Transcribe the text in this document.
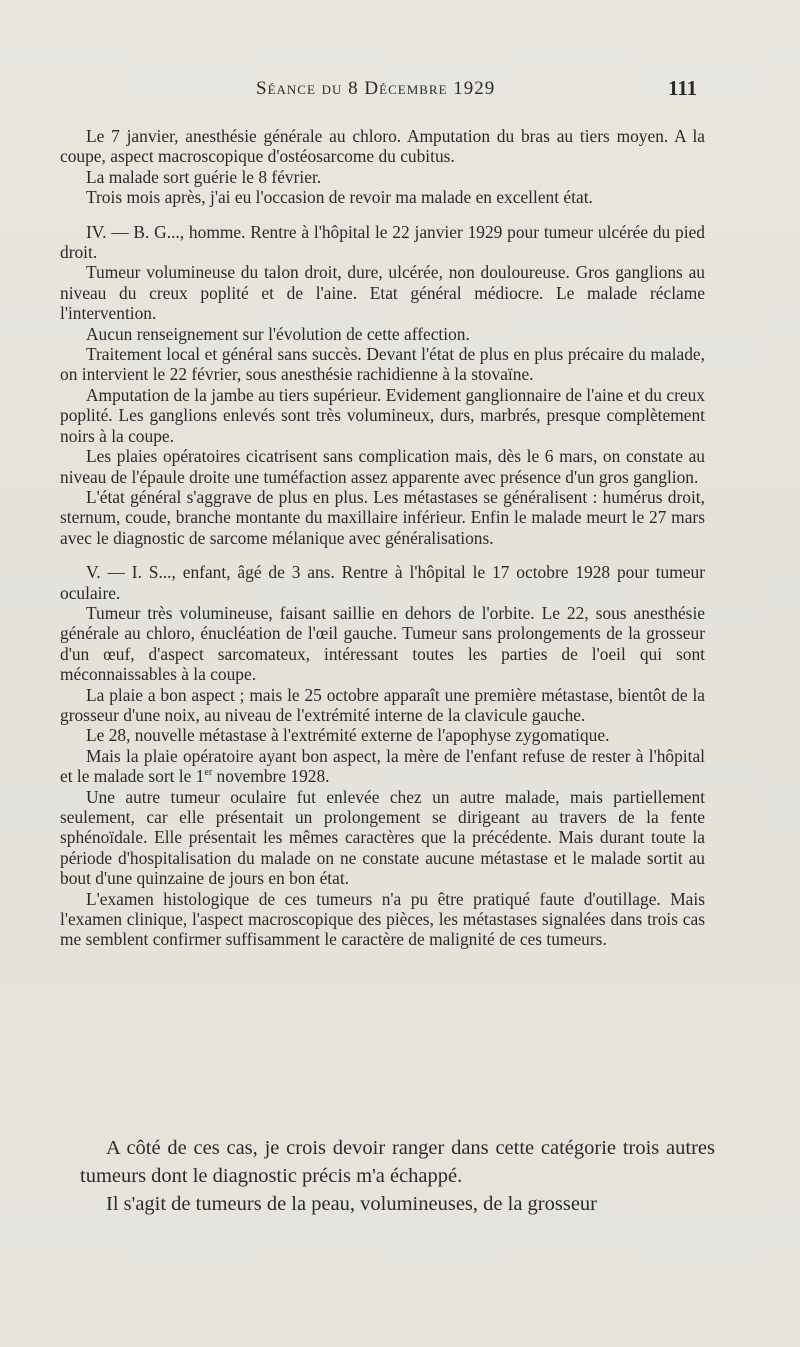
Séance du 8 Décembre 1929	111

Le 7 janvier, anesthésie générale au chloro. Amputation du bras au tiers moyen. A la coupe, aspect macroscopique d'ostéosarcome du cubitus.

La malade sort guérie le 8 février.

Trois mois après, j'ai eu l'occasion de revoir ma malade en excellent état.

IV. — B. G..., homme. Rentre à l'hôpital le 22 janvier 1929 pour tumeur ulcérée du pied droit.

Tumeur volumineuse du talon droit, dure, ulcérée, non douloureuse. Gros ganglions au niveau du creux poplité et de l'aine. Etat général médiocre. Le malade réclame l'intervention.

Aucun renseignement sur l'évolution de cette affection.

Traitement local et général sans succès. Devant l'état de plus en plus précaire du malade, on intervient le 22 février, sous anesthésie rachidienne à la stovaïne.

Amputation de la jambe au tiers supérieur. Evidement ganglionnaire de l'aine et du creux poplité. Les ganglions enlevés sont très volumineux, durs, marbrés, presque complètement noirs à la coupe.

Les plaies opératoires cicatrisent sans complication mais, dès le 6 mars, on constate au niveau de l'épaule droite une tuméfaction assez apparente avec présence d'un gros ganglion.

L'état général s'aggrave de plus en plus. Les métastases se généralisent : humérus droit, sternum, coude, branche montante du maxillaire inférieur. Enfin le malade meurt le 27 mars avec le diagnostic de sarcome mélanique avec généralisations.

V. — I. S..., enfant, âgé de 3 ans. Rentre à l'hôpital le 17 octobre 1928 pour tumeur oculaire.

Tumeur très volumineuse, faisant saillie en dehors de l'orbite. Le 22, sous anesthésie générale au chloro, énucléation de l'œil gauche. Tumeur sans prolongements de la grosseur d'un œuf, d'aspect sarcomateux, intéressant toutes les parties de l'oeil qui sont méconnaissables à la coupe.

La plaie a bon aspect ; mais le 25 octobre apparaît une première métastase, bientôt de la grosseur d'une noix, au niveau de l'extrémité interne de la clavicule gauche.

Le 28, nouvelle métastase à l'extrémité externe de l'apophyse zygomatique.

Mais la plaie opératoire ayant bon aspect, la mère de l'enfant refuse de rester à l'hôpital et le malade sort le 1er novembre 1928.

Une autre tumeur oculaire fut enlevée chez un autre malade, mais partiellement seulement, car elle présentait un prolongement se dirigeant au travers de la fente sphénoïdale. Elle présentait les mêmes caractères que la précédente. Mais durant toute la période d'hospitalisation du malade on ne constate aucune métastase et le malade sortit au bout d'une quinzaine de jours en bon état.

L'examen histologique de ces tumeurs n'a pu être pratiqué faute d'outillage. Mais l'examen clinique, l'aspect macroscopique des pièces, les métastases signalées dans trois cas me semblent confirmer suffisamment le caractère de malignité de ces tumeurs.

A côté de ces cas, je crois devoir ranger dans cette catégorie trois autres tumeurs dont le diagnostic précis m'a échappé.

Il s'agit de tumeurs de la peau, volumineuses, de la grosseur
